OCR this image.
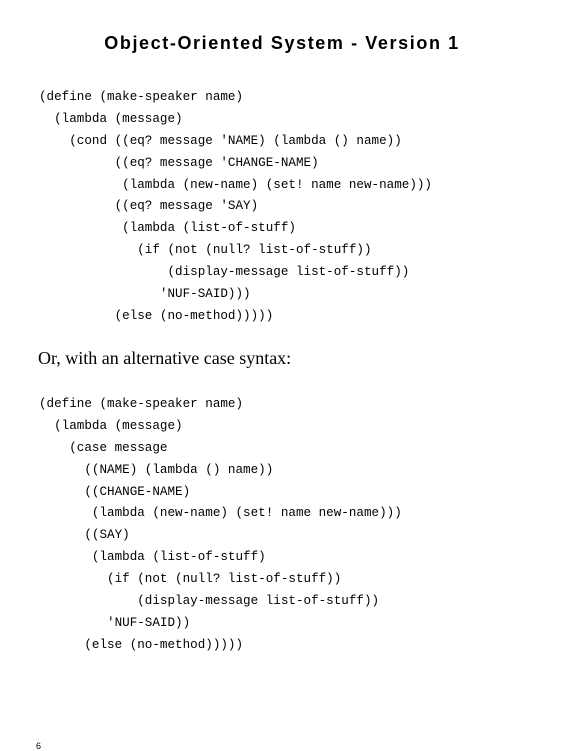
Object-Oriented System - Version 1
(define (make-speaker name)
(lambda (message)
(cond ((eq? message 'NAME) (lambda () name))
((eq? message 'CHANGE-NAME)
(lambda (new-name) (set! name new-name)))
((eq? message 'SAY)
(lambda (list-of-stuff)
(if (not (null? list-of-stuff))
(display-message list-of-stuff))
'NUF-SAID)))
(else (no-method)))))

Or, with an alternative case syntax:

(define (make-speaker name)
(lambda (message)
(case message
((NAME) (lambda () name))
((CHANGE-NAME)
(lambda (new-name) (set! name new-name)))
((SAY)
(lambda (list-of-stuff)
(if (not (null? list-of-stuff))
(display-message list-of-stuff))
'NUF-SAID))
(else (no-method)))))

6
